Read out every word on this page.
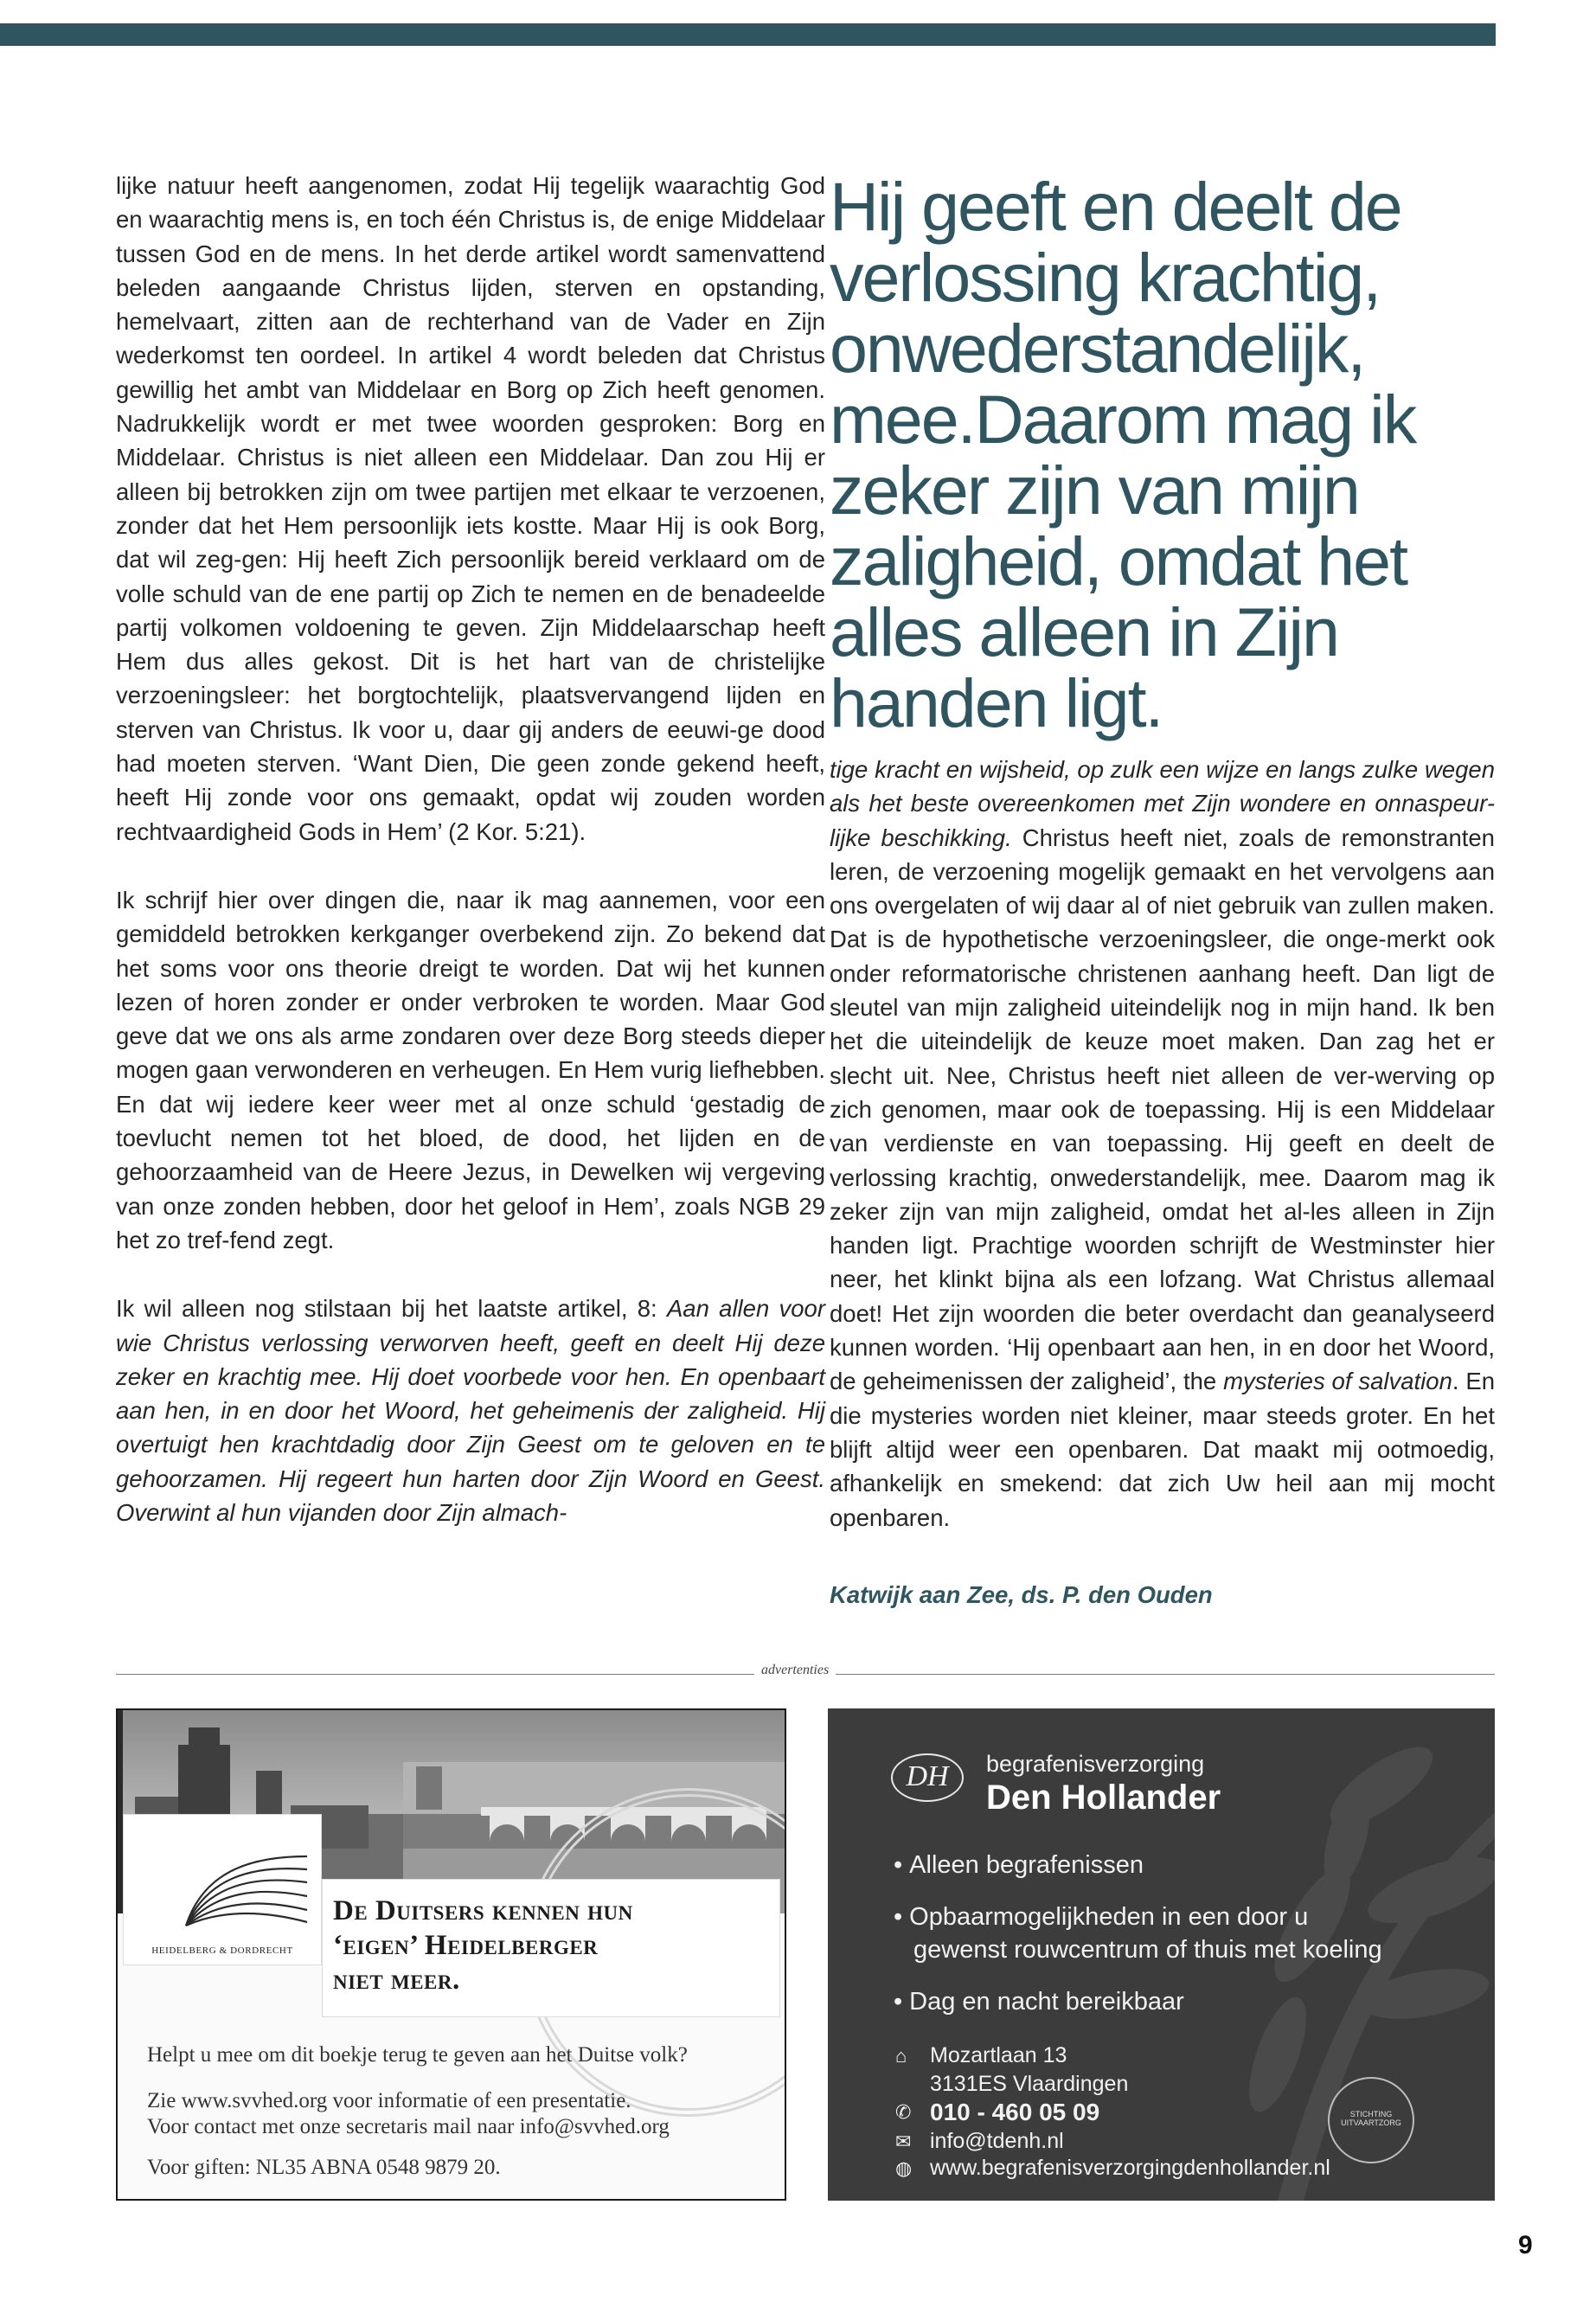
lijke natuur heeft aangenomen, zodat Hij tegelijk waarachtig God en waarachtig mens is, en toch één Christus is, de enige Middelaar tussen God en de mens. In het derde artikel wordt samenvattend beleden aangaande Christus lijden, sterven en opstanding, hemelvaart, zitten aan de rechterhand van de Vader en Zijn wederkomst ten oordeel. In artikel 4 wordt beleden dat Christus gewillig het ambt van Middelaar en Borg op Zich heeft genomen. Nadrukkelijk wordt er met twee woorden gesproken: Borg en Middelaar. Christus is niet alleen een Middelaar. Dan zou Hij er alleen bij betrokken zijn om twee partijen met elkaar te verzoenen, zonder dat het Hem persoonlijk iets kostte. Maar Hij is ook Borg, dat wil zeg-gen: Hij heeft Zich persoonlijk bereid verklaard om de volle schuld van de ene partij op Zich te nemen en de benadeelde partij volkomen voldoening te geven. Zijn Middelaarschap heeft Hem dus alles gekost. Dit is het hart van de christelijke verzoeningsleer: het borgtochtelijk, plaatsvervangend lijden en sterven van Christus. Ik voor u, daar gij anders de eeuwi-ge dood had moeten sterven. ‘Want Dien, Die geen zonde gekend heeft, heeft Hij zonde voor ons gemaakt, opdat wij zouden worden rechtvaardigheid Gods in Hem’ (2 Kor. 5:21).

Ik schrijf hier over dingen die, naar ik mag aannemen, voor een gemiddeld betrokken kerkganger overbekend zijn. Zo bekend dat het soms voor ons theorie dreigt te worden. Dat wij het kunnen lezen of horen zonder er onder verbroken te worden. Maar God geve dat we ons als arme zondaren over deze Borg steeds dieper mogen gaan verwonderen en verheugen. En Hem vurig liefhebben. En dat wij iedere keer weer met al onze schuld ‘gestadig de toevlucht nemen tot het bloed, de dood, het lijden en de gehoorzaamheid van de Heere Jezus, in Dewelken wij vergeving van onze zonden hebben, door het geloof in Hem’, zoals NGB 29 het zo tref-fend zegt.

Ik wil alleen nog stilstaan bij het laatste artikel, 8: Aan allen voor wie Christus verlossing verworven heeft, geeft en deelt Hij deze zeker en krachtig mee. Hij doet voorbede voor hen. En openbaart aan hen, in en door het Woord, het geheimenis der zaligheid. Hij overtuigt hen krachtdadig door Zijn Geest om te geloven en te gehoorzamen. Hij regeert hun harten door Zijn Woord en Geest. Overwint al hun vijanden door Zijn almach-

Hij geeft en deelt de
verlossing krachtig,
onwederstandelijk,
mee.Daarom mag ik
zeker zijn van mijn
zaligheid, omdat het
alles alleen in Zijn
handen ligt.

tige kracht en wijsheid, op zulk een wijze en langs zulke wegen als het beste overeenkomen met Zijn wondere en onnaspeur-lijke beschikking. Christus heeft niet, zoals de remonstranten leren, de verzoening mogelijk gemaakt en het vervolgens aan ons overgelaten of wij daar al of niet gebruik van zullen maken. Dat is de hypothetische verzoeningsleer, die onge-merkt ook onder reformatorische christenen aanhang heeft. Dan ligt de sleutel van mijn zaligheid uiteindelijk nog in mijn hand. Ik ben het die uiteindelijk de keuze moet maken. Dan zag het er slecht uit. Nee, Christus heeft niet alleen de ver-werving op zich genomen, maar ook de toepassing. Hij is een Middelaar van verdienste en van toepassing. Hij geeft en deelt de verlossing krachtig, onwederstandelijk, mee. Daarom mag ik zeker zijn van mijn zaligheid, omdat het al-les alleen in Zijn handen ligt. Prachtige woorden schrijft de Westminster hier neer, het klinkt bijna als een lofzang. Wat Christus allemaal doet! Het zijn woorden die beter overdacht dan geanalyseerd kunnen worden. ‘Hij openbaart aan hen, in en door het Woord, de geheimenissen der zaligheid’, the mysteries of salvation. En die mysteries worden niet kleiner, maar steeds groter. En het blijft altijd weer een openbaren. Dat maakt mij ootmoedig, afhankelijk en smekend: dat zich Uw heil aan mij mocht openbaren.

Katwijk aan Zee, ds. P. den Ouden
advertenties
HEIDELBERG & DORDRECHT
De Duitsers kennen hun
‘eigen’ Heidelberger
niet meer.
Helpt u mee om dit boekje terug te geven aan het Duitse volk?
Zie www.svvhed.org voor informatie of een presentatie.
Voor contact met onze secretaris mail naar info@svvhed.org
Voor giften: NL35 ABNA 0548 9879 20.
DH	begrafenisverzorging
Den Hollander
• Alleen begrafenissen
• Opbaarmogelijkheden in een door u
gewenst rouwcentrum of thuis met koeling
• Dag en nacht bereikbaar
⌂ Mozartlaan 13
3131ES Vlaardingen
✆ 010 - 460 05 09
✉ info@tdenh.nl
◍ www.begrafenisverzorgingdenhollander.nl
STICHTING UITVAARTZORG
9
